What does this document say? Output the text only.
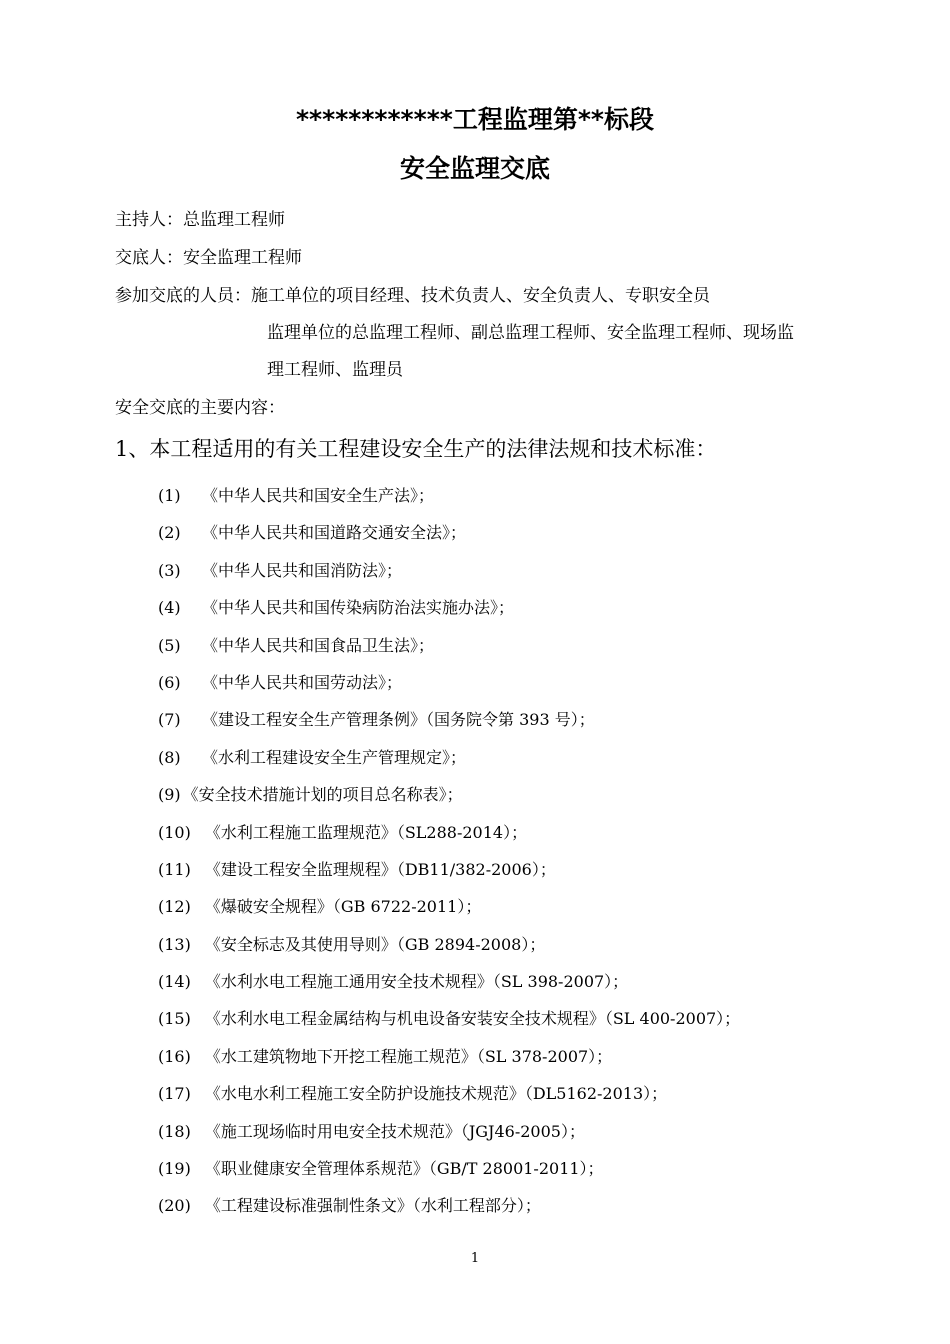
************工程监理第**标段
安全监理交底
主持人：总监理工程师
交底人：安全监理工程师
参加交底的人员：施工单位的项目经理、技术负责人、安全负责人、专职安全员
监理单位的总监理工程师、副总监理工程师、安全监理工程师、现场监
理工程师、监理员
安全交底的主要内容：
1、本工程适用的有关工程建设安全生产的法律法规和技术标准：
(1) 《中华人民共和国安全生产法》；
(2) 《中华人民共和国道路交通安全法》；
(3) 《中华人民共和国消防法》；
(4) 《中华人民共和国传染病防治法实施办法》；
(5) 《中华人民共和国食品卫生法》；
(6) 《中华人民共和国劳动法》；
(7) 《建设工程安全生产管理条例》（国务院令第 393 号）；
(8) 《水利工程建设安全生产管理规定》；
(9) 《安全技术措施计划的项目总名称表》；
(10) 《水利工程施工监理规范》（SL288-2014）；
(11) 《建设工程安全监理规程》（DB11/382-2006）；
(12) 《爆破安全规程》（GB 6722-2011）；
(13) 《安全标志及其使用导则》（GB 2894-2008）；
(14) 《水利水电工程施工通用安全技术规程》（SL 398-2007）；
(15) 《水利水电工程金属结构与机电设备安装安全技术规程》（SL 400-2007）；
(16) 《水工建筑物地下开挖工程施工规范》（SL 378-2007）；
(17) 《水电水利工程施工安全防护设施技术规范》（DL5162-2013）；
(18) 《施工现场临时用电安全技术规范》（JGJ46-2005）；
(19) 《职业健康安全管理体系规范》（GB/T 28001-2011）；
(20) 《工程建设标准强制性条文》（水利工程部分）；
1
